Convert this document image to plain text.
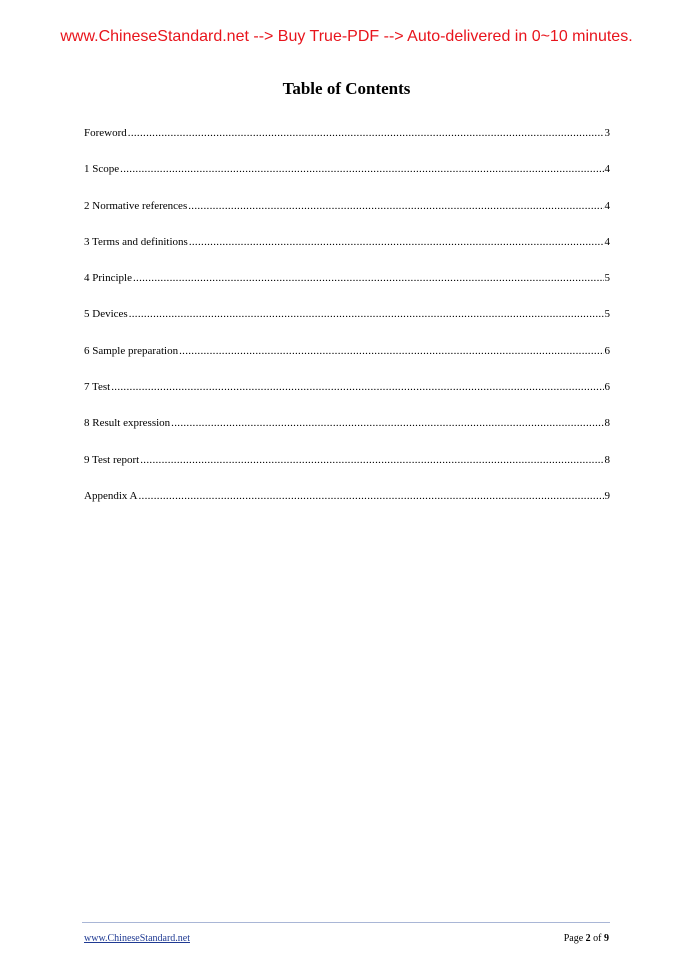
www.ChineseStandard.net --> Buy True-PDF --> Auto-delivered in 0~10 minutes.
Table of Contents
Foreword .....	3
1 Scope .....	4
2 Normative references .....	4
3 Terms and definitions .....	4
4 Principle .....	5
5 Devices .....	5
6 Sample preparation .....	6
7 Test .....	6
8 Result expression .....	8
9 Test report .....	8
Appendix A .....	9
www.ChineseStandard.net	Page 2 of 9
